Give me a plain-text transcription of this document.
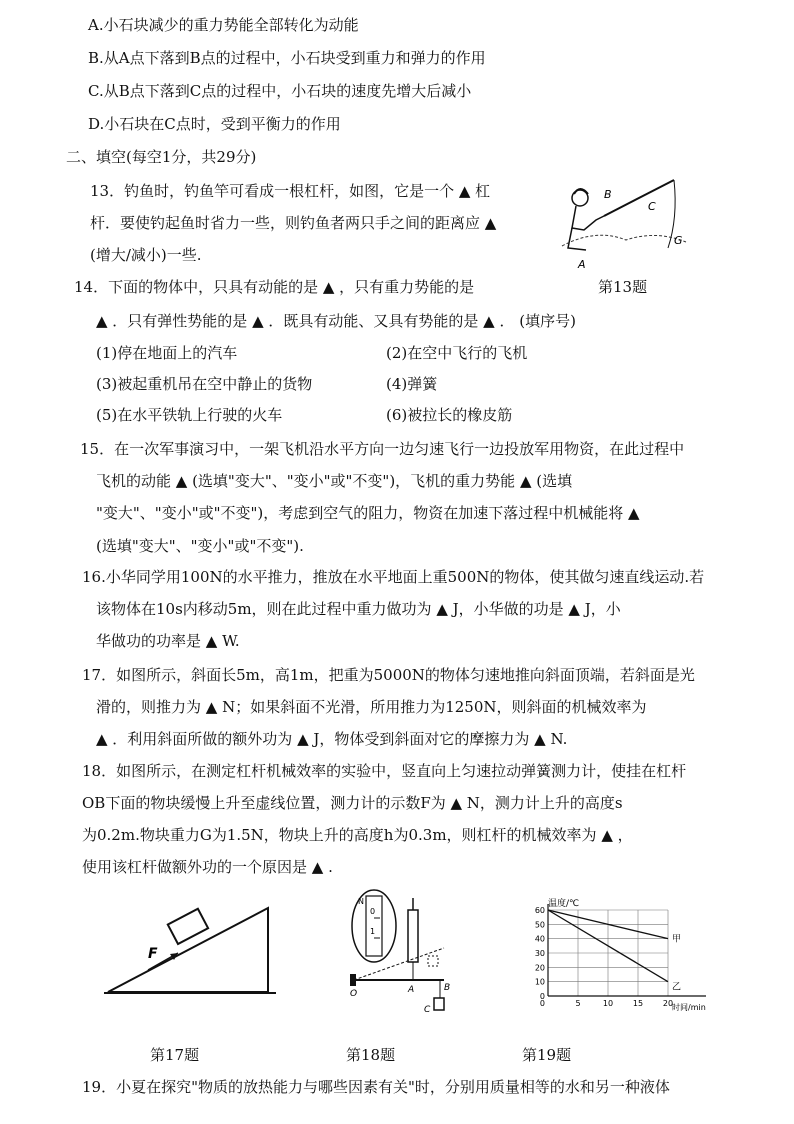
A.小石块减少的重力势能全部转化为动能
B.从A点下落到B点的过程中，小石块受到重力和弹力的作用
C.从B点下落到C点的过程中，小石块的速度先增大后减小
D.小石块在C点时，受到平衡力的作用
二、填空(每空1分，共29分)
13．钓鱼时，钓鱼竿可看成一根杠杆，如图，它是一个 ▲ 杠
杆．要使钓起鱼时省力一些，则钓鱼者两只手之间的距离应 ▲
(增大/减小)一些.
B
C
A
G
第13题
14．下面的物体中，只具有动能的是 ▲ ，只有重力势能的是
▲ ．只有弹性势能的是 ▲ ．既具有动能、又具有势能的是 ▲ ． (填序号)
(1)停在地面上的汽车	(2)在空中飞行的飞机
(3)被起重机吊在空中静止的货物	(4)弹簧
(5)在水平铁轨上行驶的火车	(6)被拉长的橡皮筋
15．在一次军事演习中，一架飞机沿水平方向一边匀速飞行一边投放军用物资，在此过程中
飞机的动能 ▲ (选填"变大"、"变小"或"不变")，飞机的重力势能 ▲ (选填
"变大"、"变小"或"不变")，考虑到空气的阻力，物资在加速下落过程中机械能将 ▲
(选填"变大"、"变小"或"不变").
16.小华同学用100N的水平推力，推放在水平地面上重500N的物体，使其做匀速直线运动.若
该物体在10s内移动5m，则在此过程中重力做功为 ▲ J，小华做的功是 ▲ J，小
华做功的功率是 ▲ W.
17．如图所示，斜面长5m，高1m，把重为5000N的物体匀速地推向斜面顶端，若斜面是光
滑的，则推力为 ▲ N；如果斜面不光滑，所用推力为1250N，则斜面的机械效率为
▲ ．利用斜面所做的额外功为 ▲ J，物体受到斜面对它的摩擦力为 ▲ N.
18．如图所示，在测定杠杆机械效率的实验中，竖直向上匀速拉动弹簧测力计，使挂在杠杆
OB下面的物块缓慢上升至虚线位置，测力计的示数F为 ▲ N，测力计上升的高度s
为0.2m.物块重力G为1.5N，物块上升的高度h为0.3m，则杠杆的机械效率为 ▲ ，
使用该杠杆做额外功的一个原因是 ▲ .
F
第17题
N
0
1
O	A	B
C
第18题
温度/℃
时间/min
0
10
20
30
40
50
60
5	10 15 20
0
甲
乙
第19题
19．小夏在探究"物质的放热能力与哪些因素有关"时，分别用质量相等的水和另一种液体
